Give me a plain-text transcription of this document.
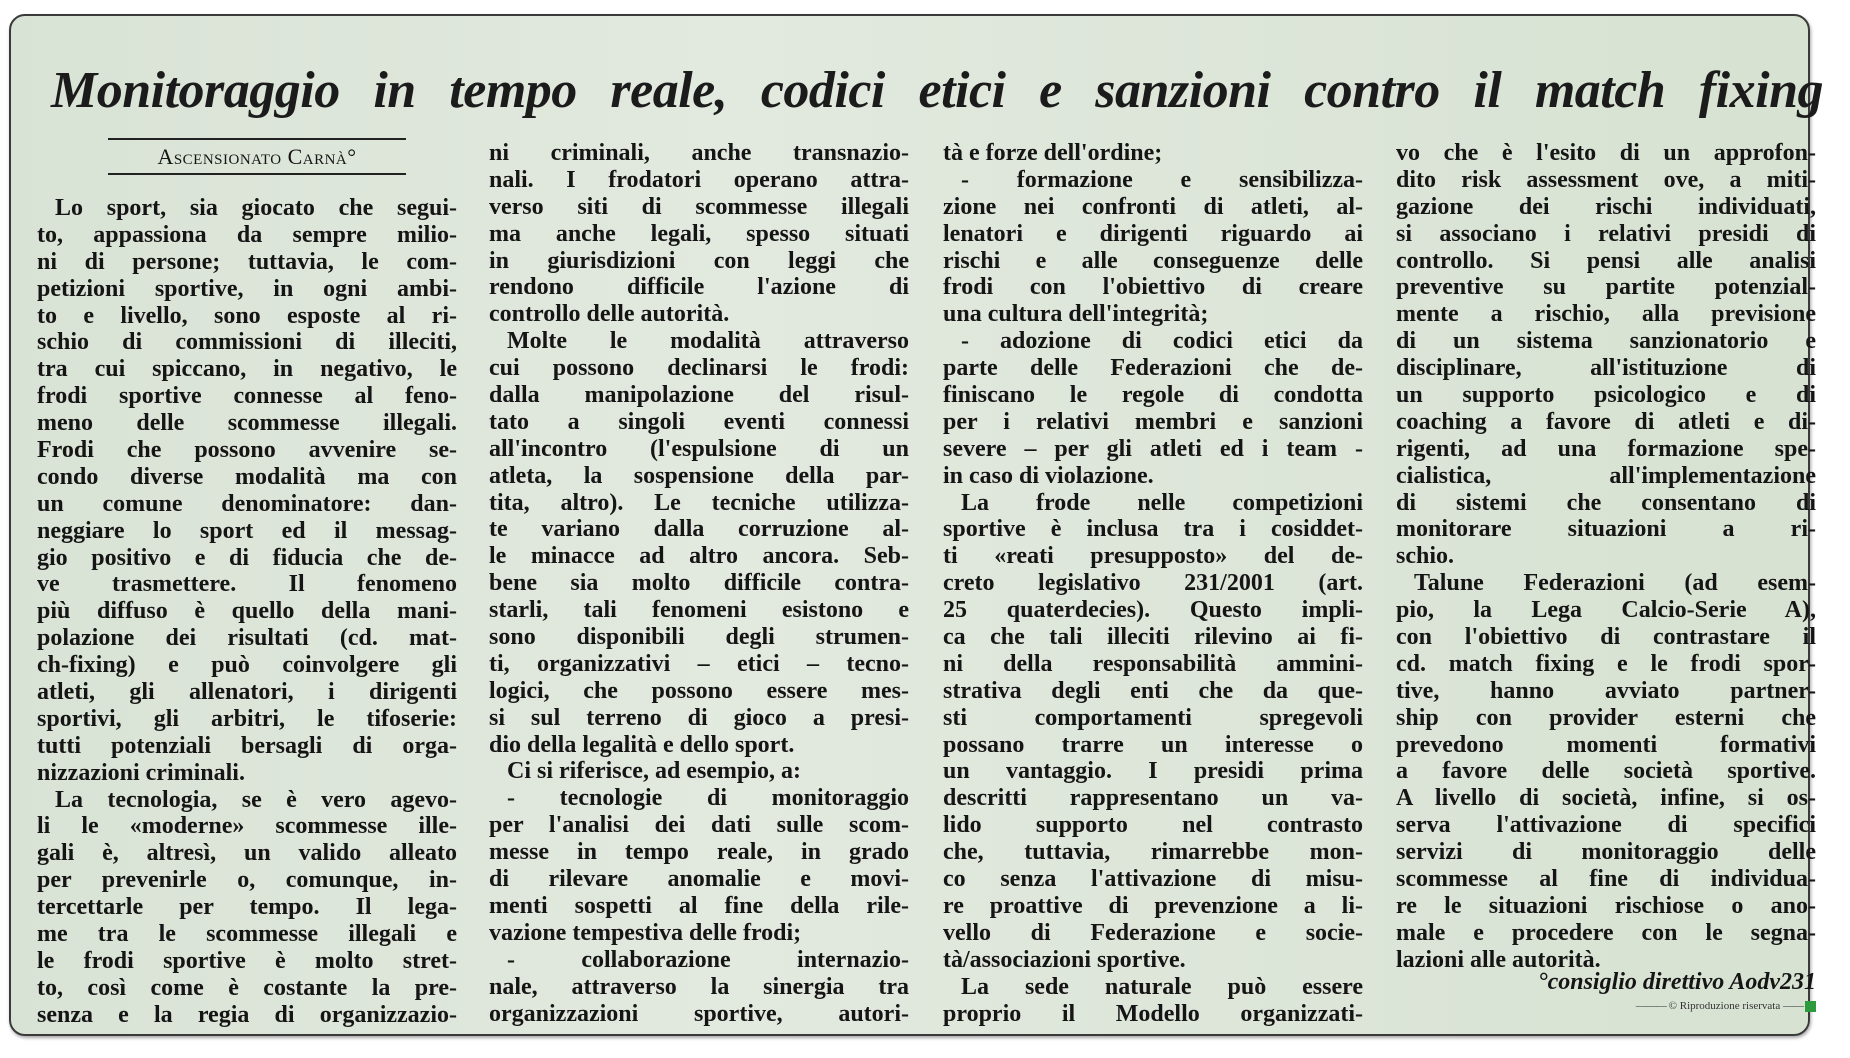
Monitoraggio in tempo reale, codici etici e sanzioni contro il match fixing
Ascensionato Carnà°
Lo sport, sia giocato che segui-
to, appassiona da sempre milio-
ni di persone; tuttavia, le com-
petizioni sportive, in ogni ambi-
to e livello, sono esposte al ri-
schio di commissioni di illeciti,
tra cui spiccano, in negativo, le
frodi sportive connesse al feno-
meno delle scommesse illegali.
Frodi che possono avvenire se-
condo diverse modalità ma con
un comune denominatore: dan-
neggiare lo sport ed il messag-
gio positivo e di fiducia che de-
ve trasmettere. Il fenomeno
più diffuso è quello della mani-
polazione dei risultati (cd. mat-
ch-fixing) e può coinvolgere gli
atleti, gli allenatori, i dirigenti
sportivi, gli arbitri, le tifoserie:
tutti potenziali bersagli di orga-
nizzazioni criminali.
La tecnologia, se è vero agevo-
li le «moderne» scommesse ille-
gali è, altresì, un valido alleato
per prevenirle o, comunque, in-
tercettarle per tempo. Il lega-
me tra le scommesse illegali e
le frodi sportive è molto stret-
to, così come è costante la pre-
senza e la regia di organizzazio-
ni criminali, anche transnazio-
nali. I frodatori operano attra-
verso siti di scommesse illegali
ma anche legali, spesso situati
in giurisdizioni con leggi che
rendono difficile l'azione di
controllo delle autorità.
Molte le modalità attraverso
cui possono declinarsi le frodi:
dalla manipolazione del risul-
tato a singoli eventi connessi
all'incontro (l'espulsione di un
atleta, la sospensione della par-
tita, altro). Le tecniche utilizza-
te variano dalla corruzione al-
le minacce ad altro ancora. Seb-
bene sia molto difficile contra-
starli, tali fenomeni esistono e
sono disponibili degli strumen-
ti, organizzativi – etici – tecno-
logici, che possono essere mes-
si sul terreno di gioco a presi-
dio della legalità e dello sport.
Ci si riferisce, ad esempio, a:
- tecnologie di monitoraggio
per l'analisi dei dati sulle scom-
messe in tempo reale, in grado
di rilevare anomalie e movi-
menti sospetti al fine della rile-
vazione tempestiva delle frodi;
- collaborazione internazio-
nale, attraverso la sinergia tra
organizzazioni sportive, autori-
tà e forze dell'ordine;
- formazione e sensibilizza-
zione nei confronti di atleti, al-
lenatori e dirigenti riguardo ai
rischi e alle conseguenze delle
frodi con l'obiettivo di creare
una cultura dell'integrità;
- adozione di codici etici da
parte delle Federazioni che de-
finiscano le regole di condotta
per i relativi membri e sanzioni
severe – per gli atleti ed i team -
in caso di violazione.
La frode nelle competizioni
sportive è inclusa tra i cosiddet-
ti «reati presupposto» del de-
creto legislativo 231/2001 (art.
25 quaterdecies). Questo impli-
ca che tali illeciti rilevino ai fi-
ni della responsabilità ammini-
strativa degli enti che da que-
sti comportamenti spregevoli
possano trarre un interesse o
un vantaggio. I presidi prima
descritti rappresentano un va-
lido supporto nel contrasto
che, tuttavia, rimarrebbe mon-
co senza l'attivazione di misu-
re proattive di prevenzione a li-
vello di Federazione e socie-
tà/associazioni sportive.
La sede naturale può essere
proprio il Modello organizzati-
vo che è l'esito di un approfon-
dito risk assessment ove, a miti-
gazione dei rischi individuati,
si associano i relativi presidi di
controllo. Si pensi alle analisi
preventive su partite potenzial-
mente a rischio, alla previsione
di un sistema sanzionatorio e
disciplinare, all'istituzione di
un supporto psicologico e di
coaching a favore di atleti e di-
rigenti, ad una formazione spe-
cialistica, all'implementazione
di sistemi che consentano di
monitorare situazioni a ri-
schio.
Talune Federazioni (ad esem-
pio, la Lega Calcio-Serie A),
con l'obiettivo di contrastare il
cd. match fixing e le frodi spor-
tive, hanno avviato partner-
ship con provider esterni che
prevedono momenti formativi
a favore delle società sportive.
A livello di società, infine, si os-
serva l'attivazione di specifici
servizi di monitoraggio delle
scommesse al fine di individua-
re le situazioni rischiose o ano-
male e procedere con le segna-
lazioni alle autorità.
°consiglio direttivo Aodv231
——— © Riproduzione riservata ——
